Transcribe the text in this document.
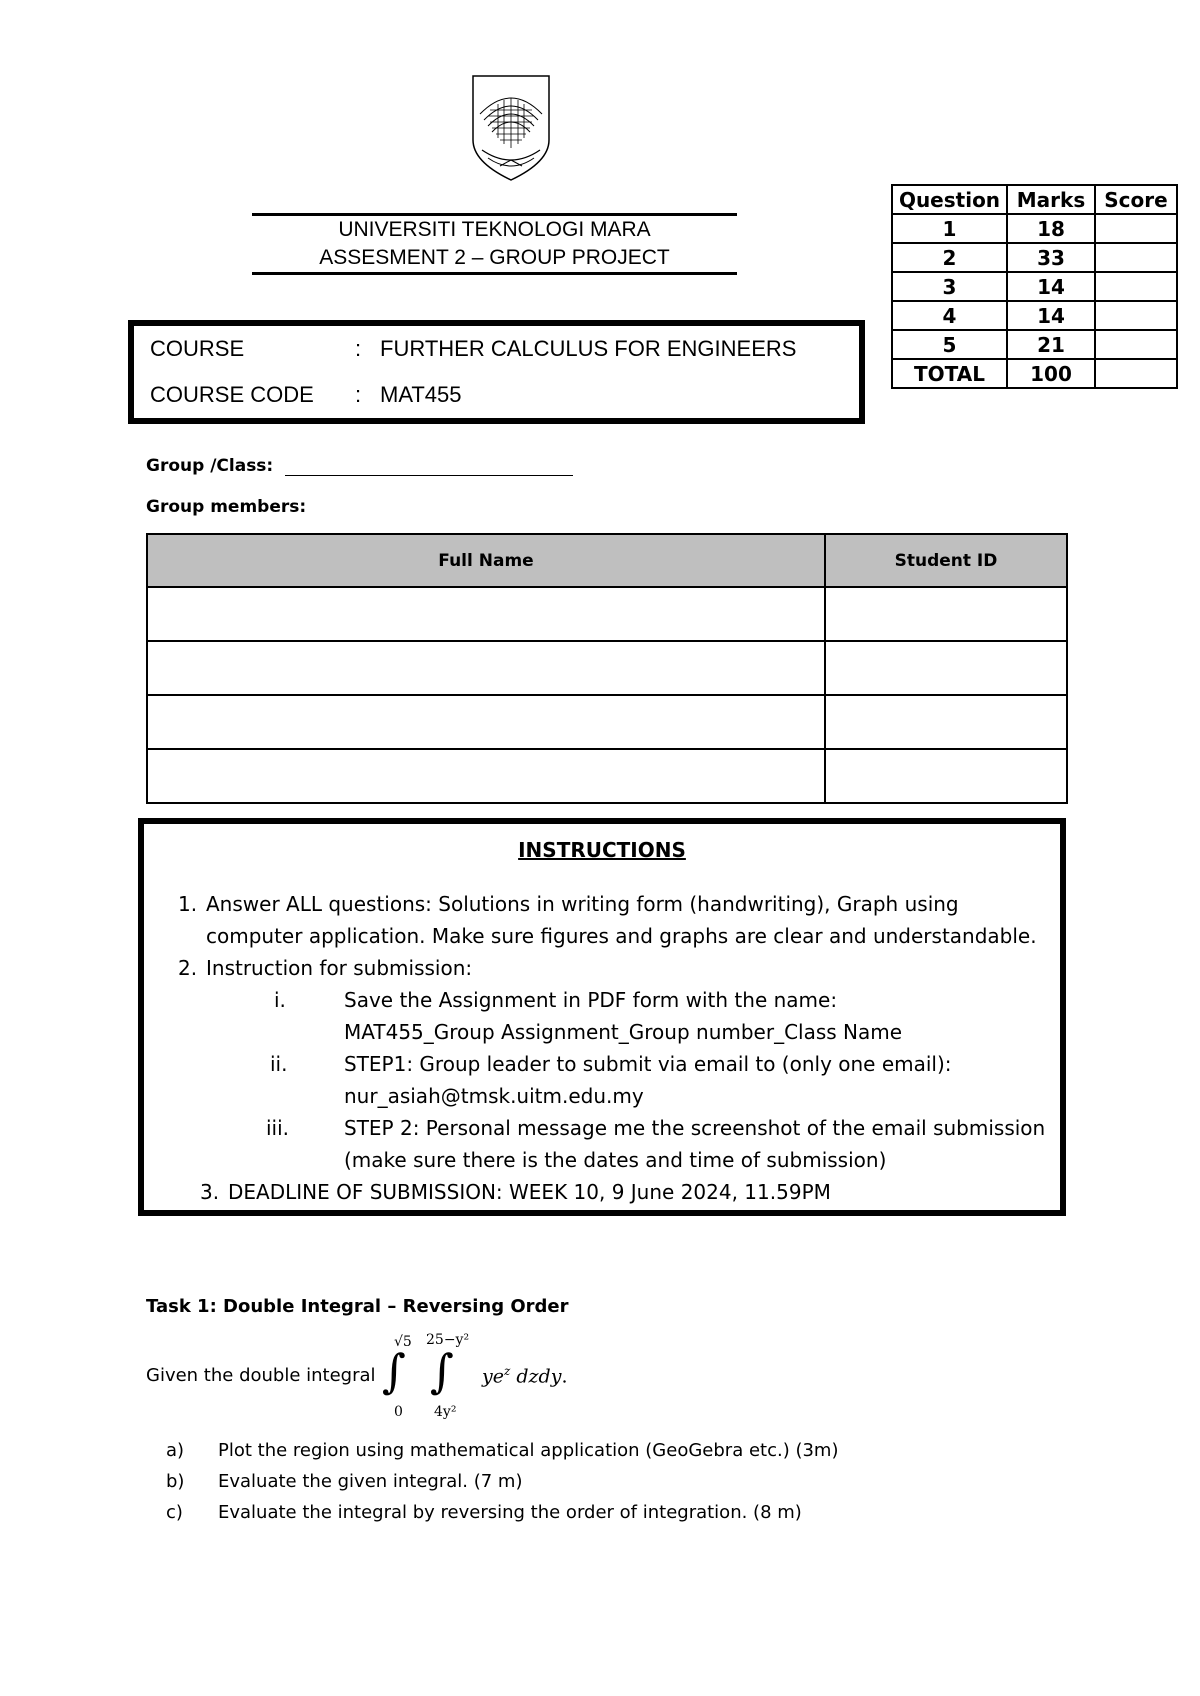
UNIVERSITI TEKNOLOGI MARA
ASSESMENT 2 – GROUP PROJECT
COURSE	: FURTHER CALCULUS FOR ENGINEERS
COURSE CODE : MAT455
Question	Marks	Score
1	18	
2	33	
3	14	
4	14	
5	21	
TOTAL	100	
Group /Class:
Group members:
Full Name	Student ID

INSTRUCTIONS
1. Answer ALL questions: Solutions in writing form (handwriting), Graph using
computer application. Make sure figures and graphs are clear and understandable.
2. Instruction for submission:
i.	Save the Assignment in PDF form with the name:
MAT455_Group Assignment_Group number_Class Name
ii.	STEP1: Group leader to submit via email to (only one email):
nur_asiah@tmsk.uitm.edu.my
iii.	STEP 2: Personal message me the screenshot of the email submission
(make sure there is the dates and time of submission)
3. DEADLINE OF SUBMISSION: WEEK 10, 9 June 2024, 11.59PM
Task 1: Double Integral – Reversing Order
Given the double integral
√5
∫
0
25−y²
∫
4y²
$ye^z$ dzdy.
a) Plot the region using mathematical application (GeoGebra etc.) (3m)
b) Evaluate the given integral. (7 m)
c) Evaluate the integral by reversing the order of integration. (8 m)
